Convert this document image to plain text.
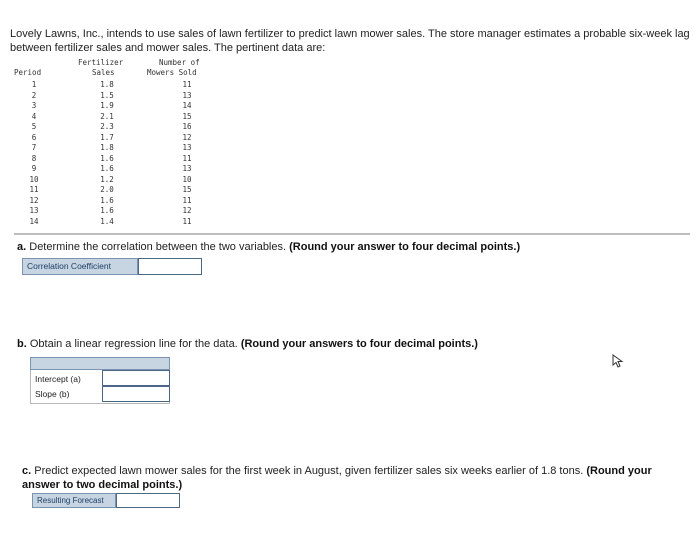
Lovely Lawns, Inc., intends to use sales of lawn fertilizer to predict lawn mower sales. The store manager estimates a probable six-week lag between fertilizer sales and mower sales. The pertinent data are:
Fertilizer	Number of
Period	Sales	Mowers Sold
1	1.8	11
2	1.5	13
3	1.9	14
4	2.1	15
5	2.3	16
6	1.7	12
7	1.8	13
8	1.6	11
9	1.6	13
10	1.2	10
11	2.0	15
12	1.6	11
13	1.6	12
14	1.4	11
a. Determine the correlation between the two variables. (Round your answer to four decimal points.)
Correlation Coefficient
b. Obtain a linear regression line for the data. (Round your answers to four decimal points.)
Intercept (a)
Slope (b)
c. Predict expected lawn mower sales for the first week in August, given fertilizer sales six weeks earlier of 1.8 tons. (Round your answer to two decimal points.)
Resulting Forecast
